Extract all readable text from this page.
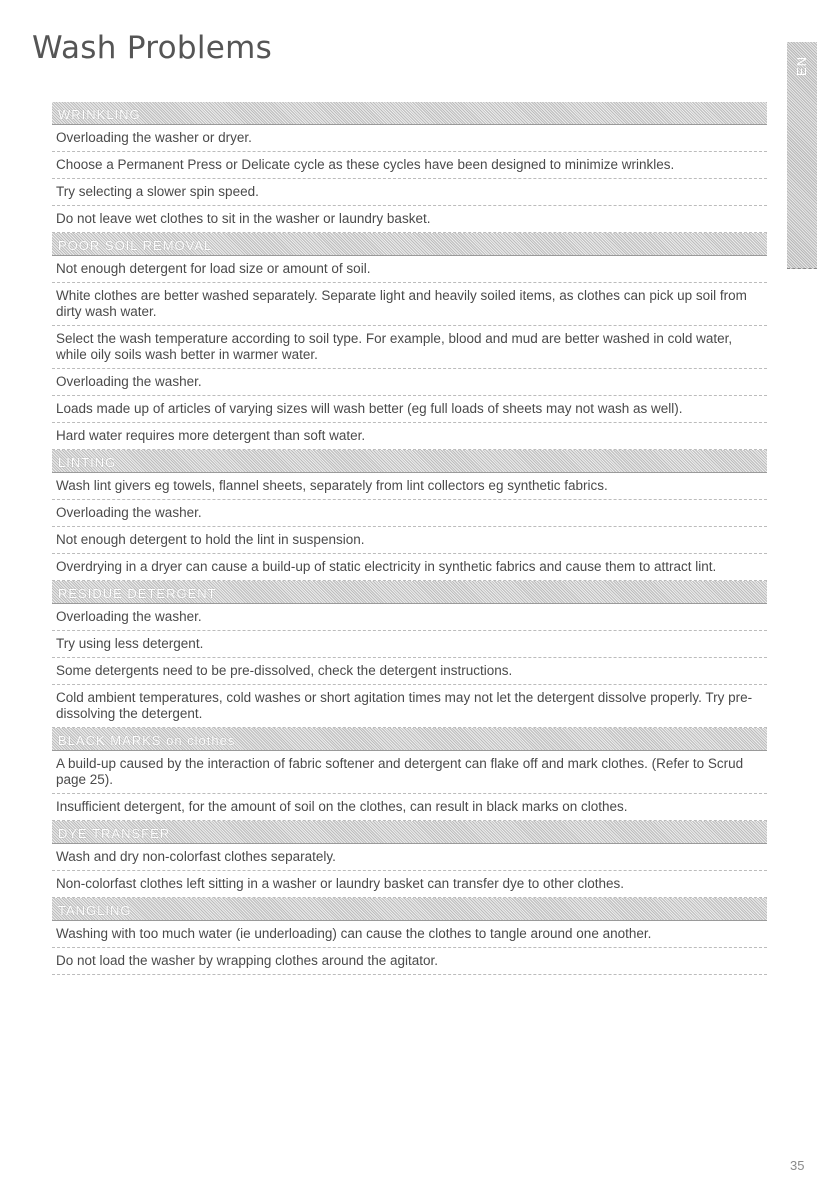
Wash Problems
EN
WRINKLING
Overloading the washer or dryer.
Choose a Permanent Press or Delicate cycle as these cycles have been designed to minimize wrinkles.
Try selecting a slower spin speed.
Do not leave wet clothes to sit in the washer or laundry basket.
POOR SOIL REMOVAL
Not enough detergent for load size or amount of soil.
White clothes are better washed separately. Separate light and heavily soiled items, as clothes can pick up soil from dirty wash water.
Select the wash temperature according to soil type. For example, blood and mud are better washed in cold water, while oily soils wash better in warmer water.
Overloading the washer.
Loads made up of articles of varying sizes will wash better (eg full loads of sheets may not wash as well).
Hard water requires more detergent than soft water.
LINTING
Wash lint givers eg towels, flannel sheets, separately from lint collectors eg synthetic fabrics.
Overloading the washer.
Not enough detergent to hold the lint in suspension.
Overdrying in a dryer can cause a build-up of static electricity in synthetic fabrics and cause them to attract lint.
RESIDUE DETERGENT
Overloading the washer.
Try using less detergent.
Some detergents need to be pre-dissolved, check the detergent instructions.
Cold ambient temperatures, cold washes or short agitation times may not let the detergent dissolve properly. Try pre-dissolving the detergent.
BLACK MARKS on clothes
A build-up caused by the interaction of fabric softener and detergent can flake off and mark clothes. (Refer to Scrud page 25).
Insufficient detergent, for the amount of soil on the clothes, can result in black marks on clothes.
DYE TRANSFER
Wash and dry non-colorfast clothes separately.
Non-colorfast clothes left sitting in a washer or laundry basket can transfer dye to other clothes.
TANGLING
Washing with too much water (ie underloading) can cause the clothes to tangle around one another.
Do not load the washer by wrapping clothes around the agitator.
35
